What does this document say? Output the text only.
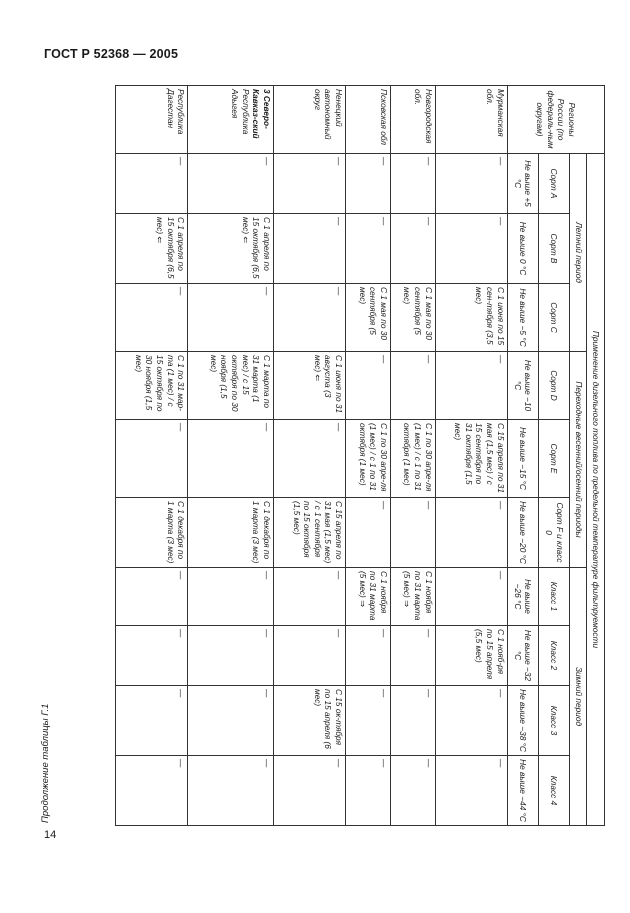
ГОСТ Р 52368 — 2005
Продолжение таблицы Г.1
Регионы России (по федераль-ным округам)	Применение дизельного топлива по предельной температуре фильтруемости									
	Летний период			Переходные весенний/осенний периоды			Зимний период			
	Сорт A	Сорт B	Сорт C	Сорт D	Сорт E	Сорт F и класс 0	Класс 1	Класс 2	Класс 3	Класс 4
	Не выше +5 °С	Не выше 0 °С	Не выше −5 °С	Не выше −10 °С	Не выше −15 °С	Не выше −20 °С	Не выше −26 °С	Не выше −32 °С	Не выше −38 °С	Не выше −44 °С
Мурманская обл.	—	—	С 1 июня по 15 сен-тября (3,5 мес)	—	С 15 апреля по 31 мая (1,5 мес) / с 15 сентября по 31 октября (1,5 мес)	—	—	С 1 нояб-ря по 15 апреля (5,5 мес)	—	—
Новгородская обл.	—	—	С 1 мая по 30 сентября (5 мес)	—	С 1 по 30 апре-ля (1 мес) / с 1 по 31 октября (1 мес)	—	С 1 ноября по 31 марта (5 мес) ⇒	—	—	—
Псковская обл	—	—	С 1 мая по 30 сентября (5 мес)	—	С 1 по 30 апре-ля (1 мес) / с 1 по 31 октября (1 мес)	—	С 1 ноября по 31 марта (5 мес) ⇒	—	—	—
Ненецкий автономный округ	—	—	—	С 1 июня по 31 августа (3 мес) ⇐	—	С 15 апреля по 31 мая (1,5 мес) / с 1 сентября по 15 октября (1,5 мес)	—	—	С 15 ок-тября по 15 апреля (6 мес)	—

3 Северо-Кавказ-ский
Республика Адыгея	—	С 1 апреля по 15 октября (6,5 мес) ⇐	—	С 1 марта по 31 марта (1 мес) / с 15 октября по 30 ноября (1,5 мес)	—	С 1 декабря по 1 марта (3 мес)	—	—	—	—
Республика Дагестан	—	С 1 апреля по 15 октября (6,5 мес) ⇐	—	С 1 по 31 мар-та (1 мес) / с 15 октября по 30 ноября (1,5 мес)	—	С 1 декабря по 1 марта (3 мес)	—	—	—	—
14
